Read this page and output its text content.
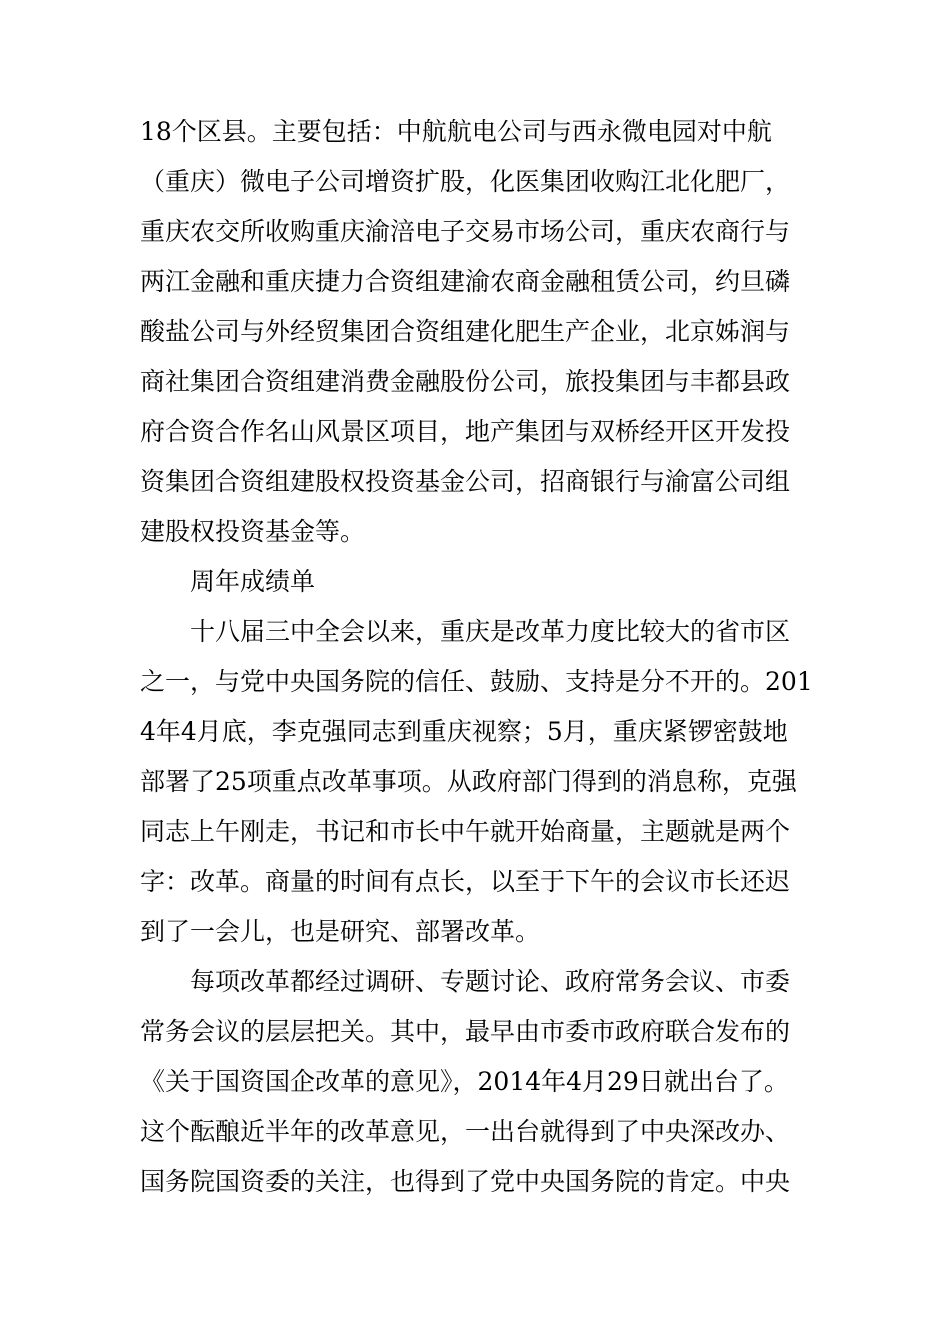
18个区县。主要包括：中航航电公司与西永微电园对中航
（重庆）微电子公司增资扩股，化医集团收购江北化肥厂，
重庆农交所收购重庆渝涪电子交易市场公司，重庆农商行与
两江金融和重庆捷力合资组建渝农商金融租赁公司，约旦磷
酸盐公司与外经贸集团合资组建化肥生产企业，北京姊润与
商社集团合资组建消费金融股份公司，旅投集团与丰都县政
府合资合作名山风景区项目，地产集团与双桥经开区开发投
资集团合资组建股权投资基金公司，招商银行与渝富公司组
建股权投资基金等。
周年成绩单
十八届三中全会以来，重庆是改革力度比较大的省市区
之一，与党中央国务院的信任、鼓励、支持是分不开的。201
4年4月底，李克强同志到重庆视察；5月，重庆紧锣密鼓地
部署了25项重点改革事项。从政府部门得到的消息称，克强
同志上午刚走，书记和市长中午就开始商量，主题就是两个
字：改革。商量的时间有点长，以至于下午的会议市长还迟
到了一会儿，也是研究、部署改革。
每项改革都经过调研、专题讨论、政府常务会议、市委
常务会议的层层把关。其中，最早由市委市政府联合发布的
《关于国资国企改革的意见》，2014年4月29日就出台了。
这个酝酿近半年的改革意见，一出台就得到了中央深改办、
国务院国资委的关注，也得到了党中央国务院的肯定。中央
